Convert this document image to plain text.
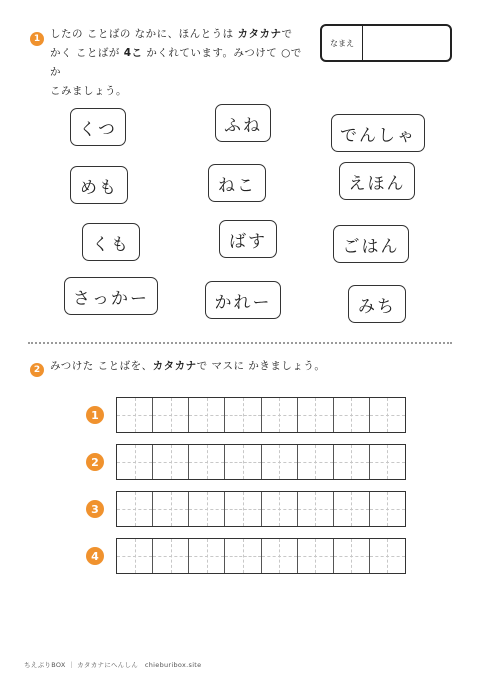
1 したの ことばの なかに、ほんとうは カタカナで
かく ことばが 4こ かくれています。みつけて ○で か
こみましょう。
なまえ
くつ	ふね	でんしゃ
めも	ねこ	えほん
くも	ばす	ごはん
さっかー	かれー	みち
2 みつけた ことばを、カタカナで マスに かきましょう。
1
2
3
4
ちえぶりBOX ｜ カタカナにへんしん　chieburibox.site
